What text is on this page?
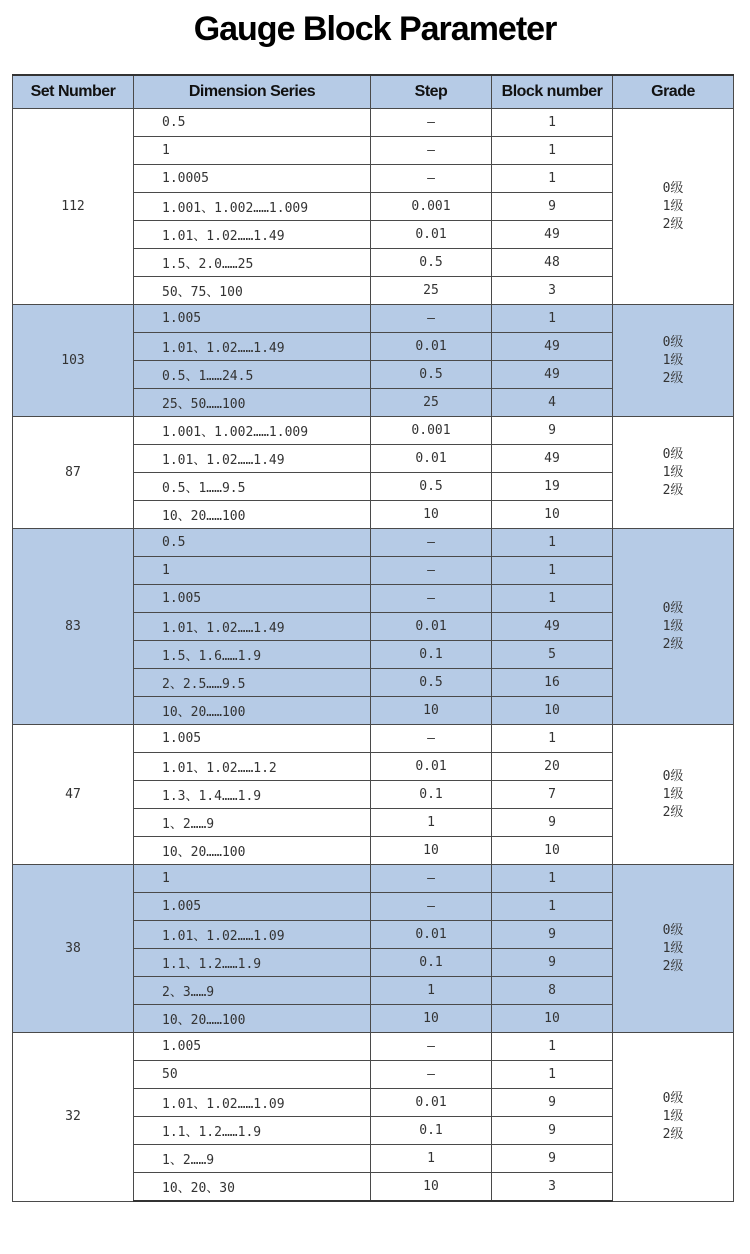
Gauge Block Parameter
Set Number	Dimension Series	Step	Block number	Grade
112	0.5	—	1	0级
1级
2级

	1	—	1	
	1.0005	—	1	
	1.001、1.002……1.009	0.001	9	
	1.01、1.02……1.49	0.01	49	
	1.5、2.0……25	0.5	48	
	50、75、100	25	3	
103	1.005	—	1	0级
1级
2级

	1.01、1.02……1.49	0.01	49	
	0.5、1……24.5	0.5	49	
	25、50……100	25	4	
87	1.001、1.002……1.009	0.001	9	0级
1级
2级

	1.01、1.02……1.49	0.01	49	
	0.5、1……9.5	0.5	19	
	10、20……100	10	10	
83	0.5	—	1	0级
1级
2级

	1	—	1	
	1.005	—	1	
	1.01、1.02……1.49	0.01	49	
	1.5、1.6……1.9	0.1	5	
	2、2.5……9.5	0.5	16	
	10、20……100	10	10	
47	1.005	—	1	0级
1级
2级

	1.01、1.02……1.2	0.01	20	
	1.3、1.4……1.9	0.1	7	
	1、2……9	1	9	
	10、20……100	10	10	
38	1	—	1	0级
1级
2级

	1.005	—	1	
	1.01、1.02……1.09	0.01	9	
	1.1、1.2……1.9	0.1	9	
	2、3……9	1	8	
	10、20……100	10	10	
32	1.005	—	1	0级
1级
2级

	50	—	1	
	1.01、1.02……1.09	0.01	9	
	1.1、1.2……1.9	0.1	9	
	1、2……9	1	9	
	10、20、30	10	3	
